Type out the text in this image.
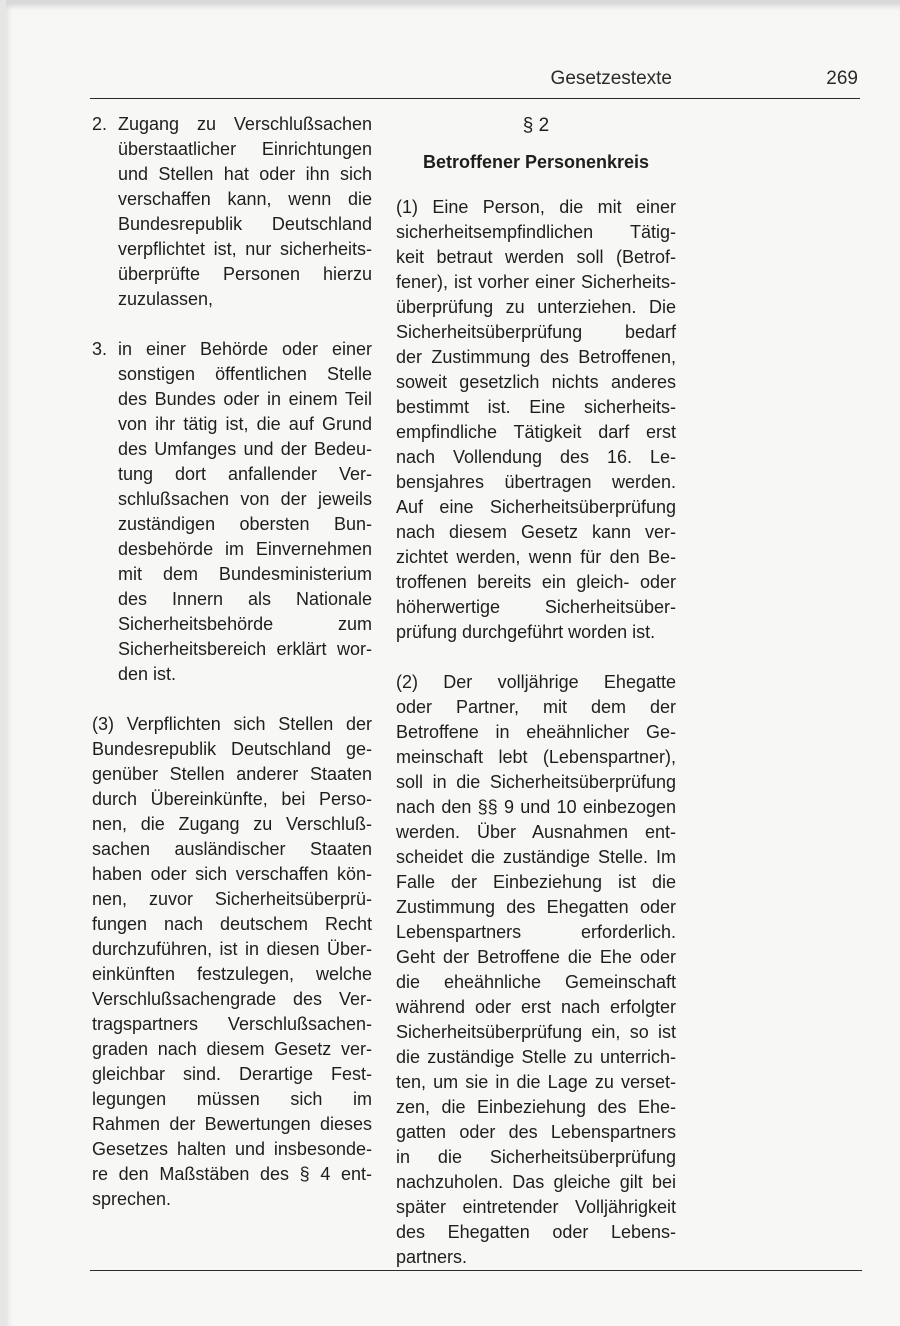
Gesetzestexte	269
2. Zugang zu Verschlußsachen
überstaatlicher Einrichtungen
und Stellen hat oder ihn sich
verschaffen kann, wenn die
Bundesrepublik Deutschland
verpflichtet ist, nur sicherheits-
überprüfte Personen hierzu
zuzulassen,
3. in einer Behörde oder einer
sonstigen öffentlichen Stelle
des Bundes oder in einem Teil
von ihr tätig ist, die auf Grund
des Umfanges und der Bedeu-
tung dort anfallender Ver-
schlußsachen von der jeweils
zuständigen obersten Bun-
desbehörde im Einvernehmen
mit dem Bundesministerium
des Innern als Nationale
Sicherheitsbehörde zum
Sicherheitsbereich erklärt wor-
den ist.
(3) Verpflichten sich Stellen der
Bundesrepublik Deutschland ge-
genüber Stellen anderer Staaten
durch Übereinkünfte, bei Perso-
nen, die Zugang zu Verschluß-
sachen ausländischer Staaten
haben oder sich verschaffen kön-
nen, zuvor Sicherheitsüberprü-
fungen nach deutschem Recht
durchzuführen, ist in diesen Über-
einkünften festzulegen, welche
Verschlußsachengrade des Ver-
tragspartners Verschlußsachen-
graden nach diesem Gesetz ver-
gleichbar sind. Derartige Fest-
legungen müssen sich im
Rahmen der Bewertungen dieses
Gesetzes halten und insbesonde-
re den Maßstäben des § 4 ent-
sprechen.
§ 2
Betroffener Personenkreis
(1) Eine Person, die mit einer
sicherheitsempfindlichen Tätig-
keit betraut werden soll (Betrof-
fener), ist vorher einer Sicherheits-
überprüfung zu unterziehen. Die
Sicherheitsüberprüfung bedarf
der Zustimmung des Betroffenen,
soweit gesetzlich nichts anderes
bestimmt ist. Eine sicherheits-
empfindliche Tätigkeit darf erst
nach Vollendung des 16. Le-
bensjahres übertragen werden.
Auf eine Sicherheitsüberprüfung
nach diesem Gesetz kann ver-
zichtet werden, wenn für den Be-
troffenen bereits ein gleich- oder
höherwertige Sicherheitsüber-
prüfung durchgeführt worden ist.
(2) Der volljährige Ehegatte
oder Partner, mit dem der
Betroffene in eheähnlicher Ge-
meinschaft lebt (Lebenspartner),
soll in die Sicherheitsüberprüfung
nach den §§ 9 und 10 einbezogen
werden. Über Ausnahmen ent-
scheidet die zuständige Stelle. Im
Falle der Einbeziehung ist die
Zustimmung des Ehegatten oder
Lebenspartners erforderlich.
Geht der Betroffene die Ehe oder
die eheähnliche Gemeinschaft
während oder erst nach erfolgter
Sicherheitsüberprüfung ein, so ist
die zuständige Stelle zu unterrich-
ten, um sie in die Lage zu verset-
zen, die Einbeziehung des Ehe-
gatten oder des Lebenspartners
in die Sicherheitsüberprüfung
nachzuholen. Das gleiche gilt bei
später eintretender Volljährigkeit
des Ehegatten oder Lebens-
partners.
